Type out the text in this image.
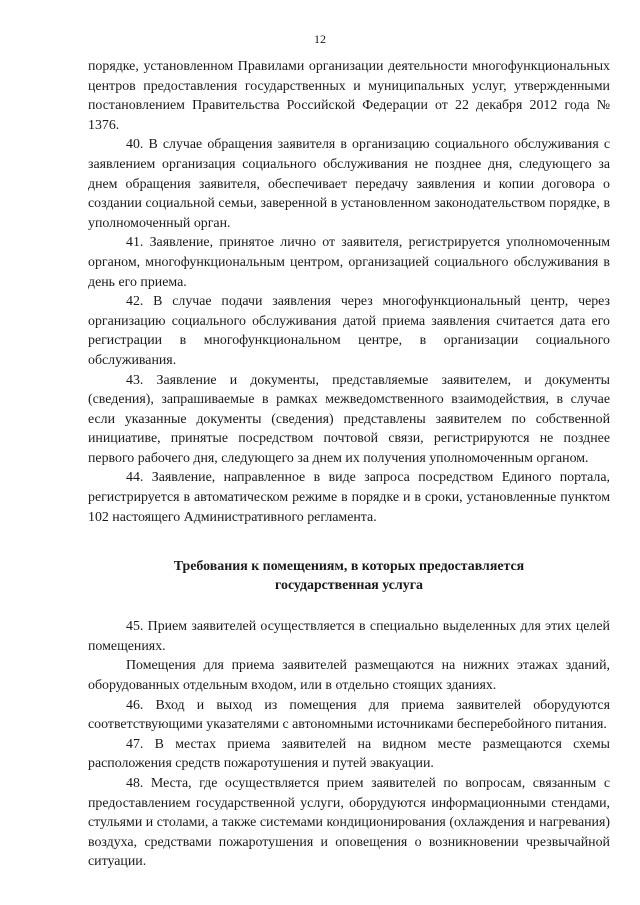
12

порядке, установленном Правилами организации деятельности многофункциональных центров предоставления государственных и муниципальных услуг, утвержденными постановлением Правительства Российской Федерации от 22 декабря 2012 года № 1376.

40. В случае обращения заявителя в организацию социального обслуживания с заявлением организация социального обслуживания не позднее дня, следующего за днем обращения заявителя, обеспечивает передачу заявления и копии договора о создании социальной семьи, заверенной в установленном законодательством порядке, в уполномоченный орган.

41. Заявление, принятое лично от заявителя, регистрируется уполномоченным органом, многофункциональным центром, организацией социального обслуживания в день его приема.

42. В случае подачи заявления через многофункциональный центр, через организацию социального обслуживания датой приема заявления считается дата его регистрации в многофункциональном центре, в организации социального обслуживания.

43. Заявление и документы, представляемые заявителем, и документы (сведения), запрашиваемые в рамках межведомственного взаимодействия, в случае если указанные документы (сведения) представлены заявителем по собственной инициативе, принятые посредством почтовой связи, регистрируются не позднее первого рабочего дня, следующего за днем их получения уполномоченным органом.

44. Заявление, направленное в виде запроса посредством Единого портала, регистрируется в автоматическом режиме в порядке и в сроки, установленные пунктом 102 настоящего Административного регламента.

Требования к помещениям, в которых предоставляется
государственная услуга

45. Прием заявителей осуществляется в специально выделенных для этих целей помещениях.

Помещения для приема заявителей размещаются на нижних этажах зданий, оборудованных отдельным входом, или в отдельно стоящих зданиях.

46. Вход и выход из помещения для приема заявителей оборудуются соответствующими указателями с автономными источниками бесперебойного питания.

47. В местах приема заявителей на видном месте размещаются схемы расположения средств пожаротушения и путей эвакуации.

48. Места, где осуществляется прием заявителей по вопросам, связанным с предоставлением государственной услуги, оборудуются информационными стендами, стульями и столами, а также системами кондиционирования (охлаждения и нагревания) воздуха, средствами пожаротушения и оповещения о возникновении чрезвычайной ситуации.
